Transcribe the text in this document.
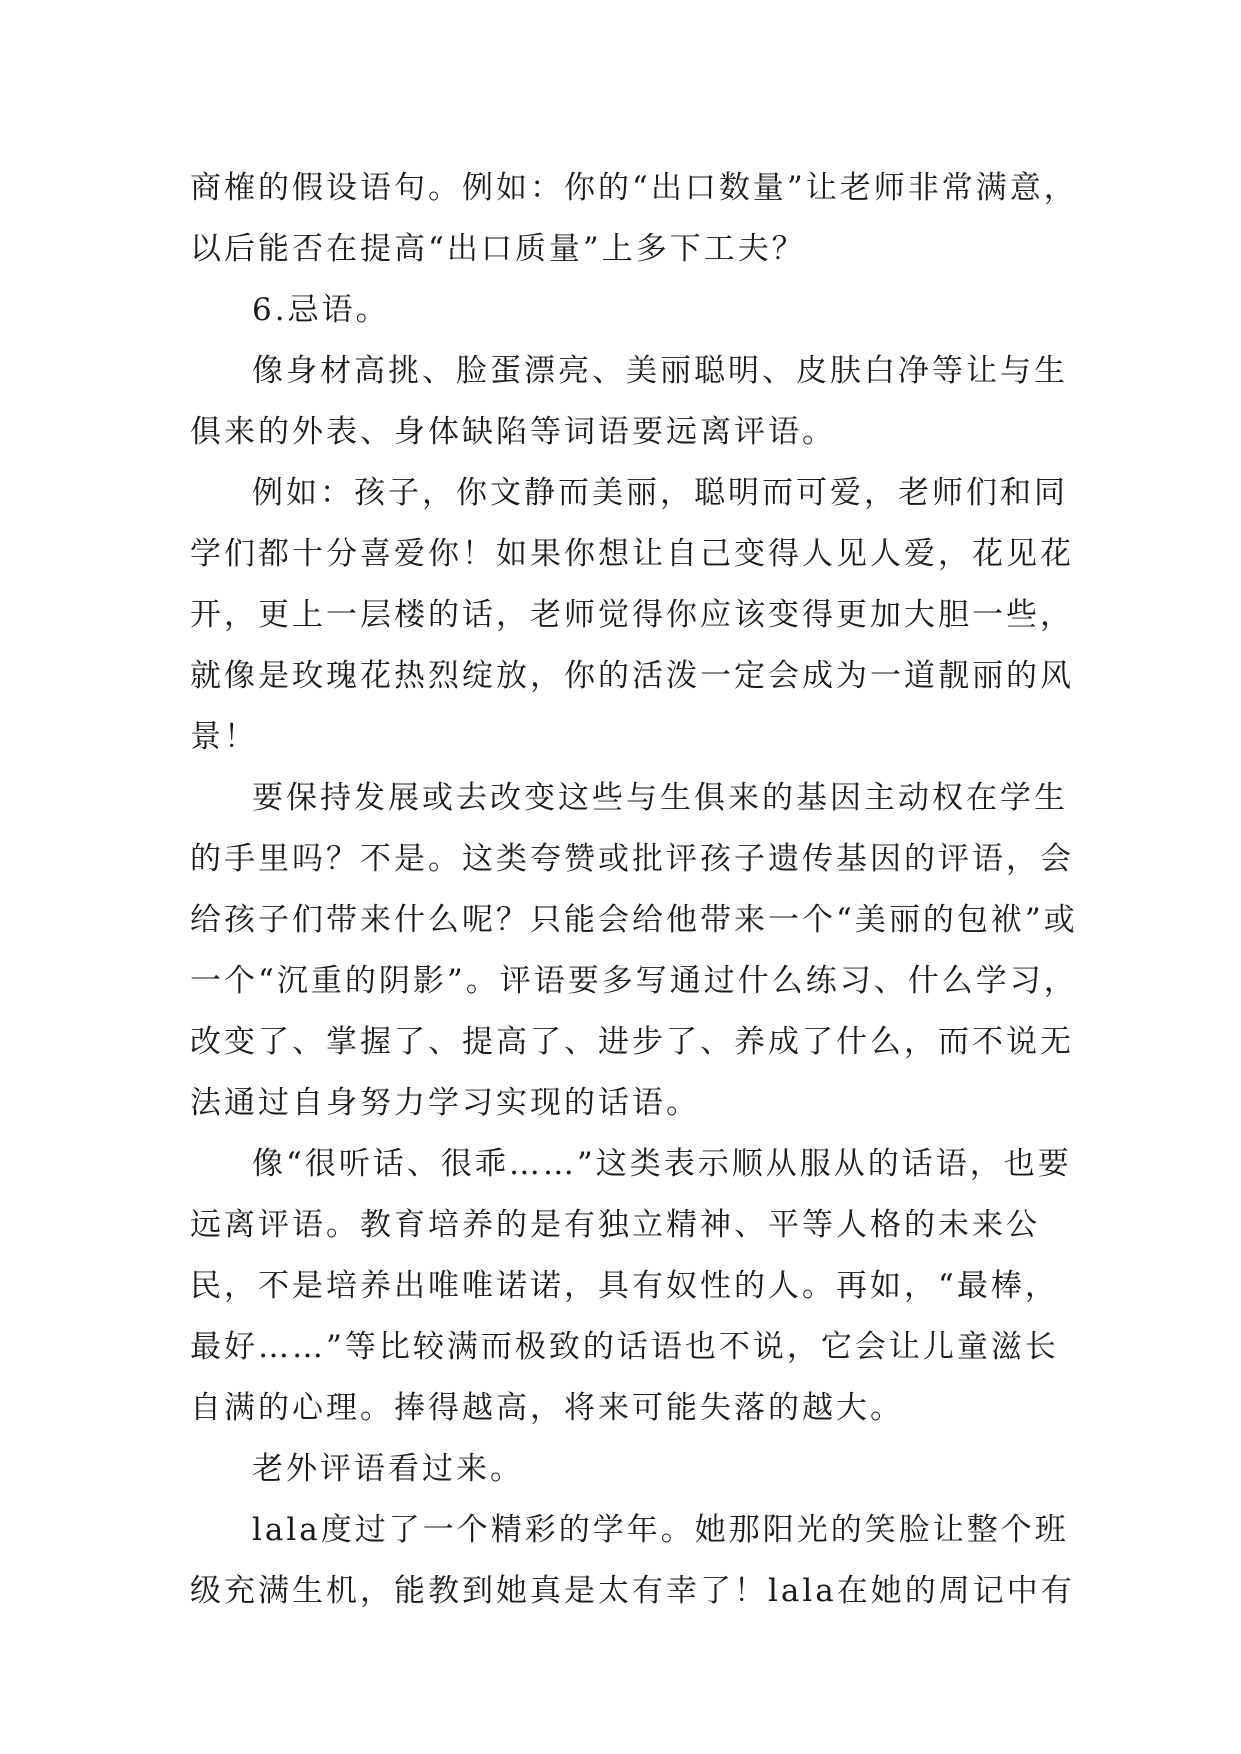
商榷的假设语句。例如：你的“出口数量”让老师非常满意，以后能否在提高“出口质量”上多下工夫？

6.忌语。

像身材高挑、脸蛋漂亮、美丽聪明、皮肤白净等让与生俱来的外表、身体缺陷等词语要远离评语。

例如：孩子，你文静而美丽，聪明而可爱，老师们和同学们都十分喜爱你！如果你想让自己变得人见人爱，花见花开，更上一层楼的话，老师觉得你应该变得更加大胆一些，就像是玫瑰花热烈绽放，你的活泼一定会成为一道靓丽的风景！

要保持发展或去改变这些与生俱来的基因主动权在学生的手里吗？不是。这类夸赞或批评孩子遗传基因的评语，会给孩子们带来什么呢？只能会给他带来一个“美丽的包袱”或一个“沉重的阴影”。评语要多写通过什么练习、什么学习，改变了、掌握了、提高了、进步了、养成了什么，而不说无法通过自身努力学习实现的话语。

像“很听话、很乖……”这类表示顺从服从的话语，也要远离评语。教育培养的是有独立精神、平等人格的未来公民，不是培养出唯唯诺诺，具有奴性的人。再如，“最棒，最好……”等比较满而极致的话语也不说，它会让儿童滋长自满的心理。捧得越高，将来可能失落的越大。

老外评语看过来。

lala度过了一个精彩的学年。她那阳光的笑脸让整个班级充满生机，能教到她真是太有幸了！lala在她的周记中有
